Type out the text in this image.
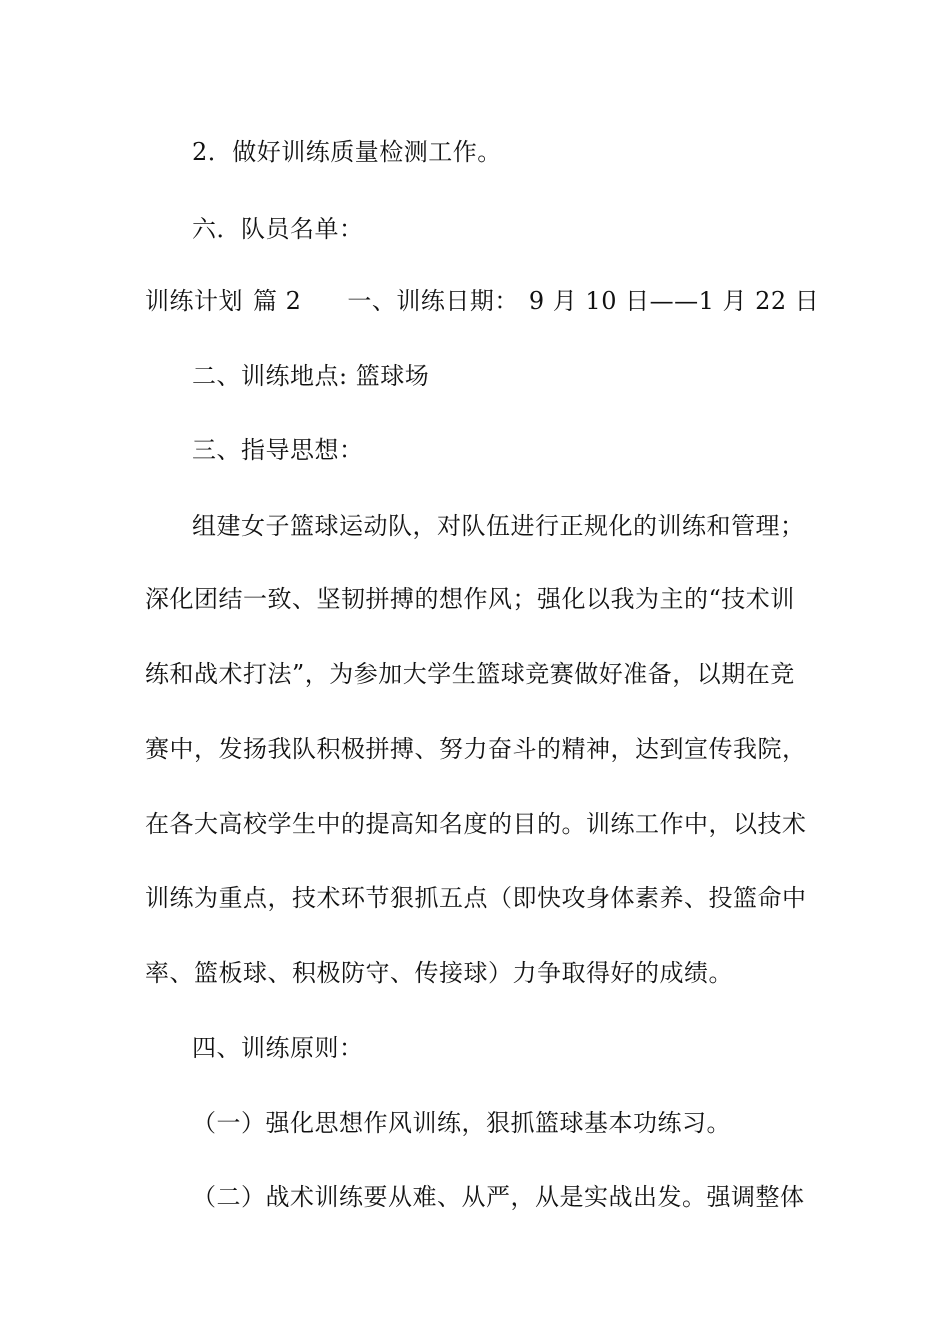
2．做好训练质量检测工作。
六．队员名单：
训练计划 篇 2 一、训练日期： 9 月 10 日——1 月 22 日
二、训练地点: 篮球场
三、指导思想：
组建女子篮球运动队，对队伍进行正规化的训练和管理；
深化团结一致、坚韧拼搏的想作风；强化以我为主的“技术训
练和战术打法”，为参加大学生篮球竞赛做好准备，以期在竞
赛中，发扬我队积极拼搏、努力奋斗的精神，达到宣传我院，
在各大高校学生中的提高知名度的目的。训练工作中，以技术
训练为重点，技术环节狠抓五点（即快攻身体素养、投篮命中
率、篮板球、积极防守、传接球）力争取得好的成绩。
四、训练原则：
（一）强化思想作风训练，狠抓篮球基本功练习。
（二）战术训练要从难、从严，从是实战出发。强调整体
